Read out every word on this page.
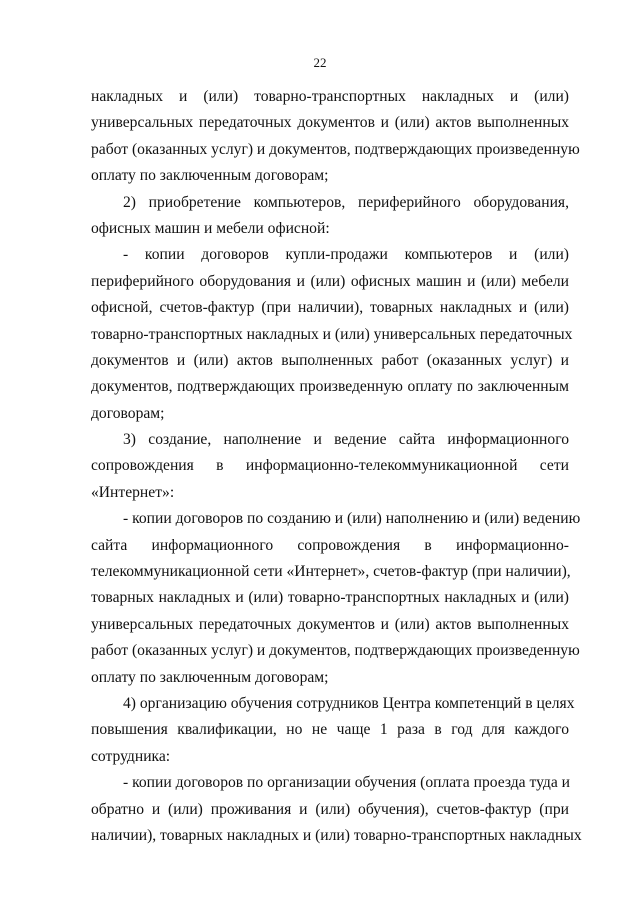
22
накладных и (или) товарно-транспортных накладных и (или)
универсальных передаточных документов и (или) актов выполненных
работ (оказанных услуг) и документов, подтверждающих произведенную
оплату по заключенным договорам;
2) приобретение компьютеров, периферийного оборудования,
офисных машин и мебели офисной:
- копии договоров купли-продажи компьютеров и (или)
периферийного оборудования и (или) офисных машин и (или) мебели
офисной, счетов-фактур (при наличии), товарных накладных и (или)
товарно-транспортных накладных и (или) универсальных передаточных
документов и (или) актов выполненных работ (оказанных услуг) и
документов, подтверждающих произведенную оплату по заключенным
договорам;
3) создание, наполнение и ведение сайта информационного
сопровождения в информационно-телекоммуникационной сети
«Интернет»:
- копии договоров по созданию и (или) наполнению и (или) ведению
сайта информационного сопровождения в информационно-
телекоммуникационной сети «Интернет», счетов-фактур (при наличии),
товарных накладных и (или) товарно-транспортных накладных и (или)
универсальных передаточных документов и (или) актов выполненных
работ (оказанных услуг) и документов, подтверждающих произведенную
оплату по заключенным договорам;
4) организацию обучения сотрудников Центра компетенций в целях
повышения квалификации, но не чаще 1 раза в год для каждого
сотрудника:
- копии договоров по организации обучения (оплата проезда туда и
обратно и (или) проживания и (или) обучения), счетов-фактур (при
наличии), товарных накладных и (или) товарно-транспортных накладных
